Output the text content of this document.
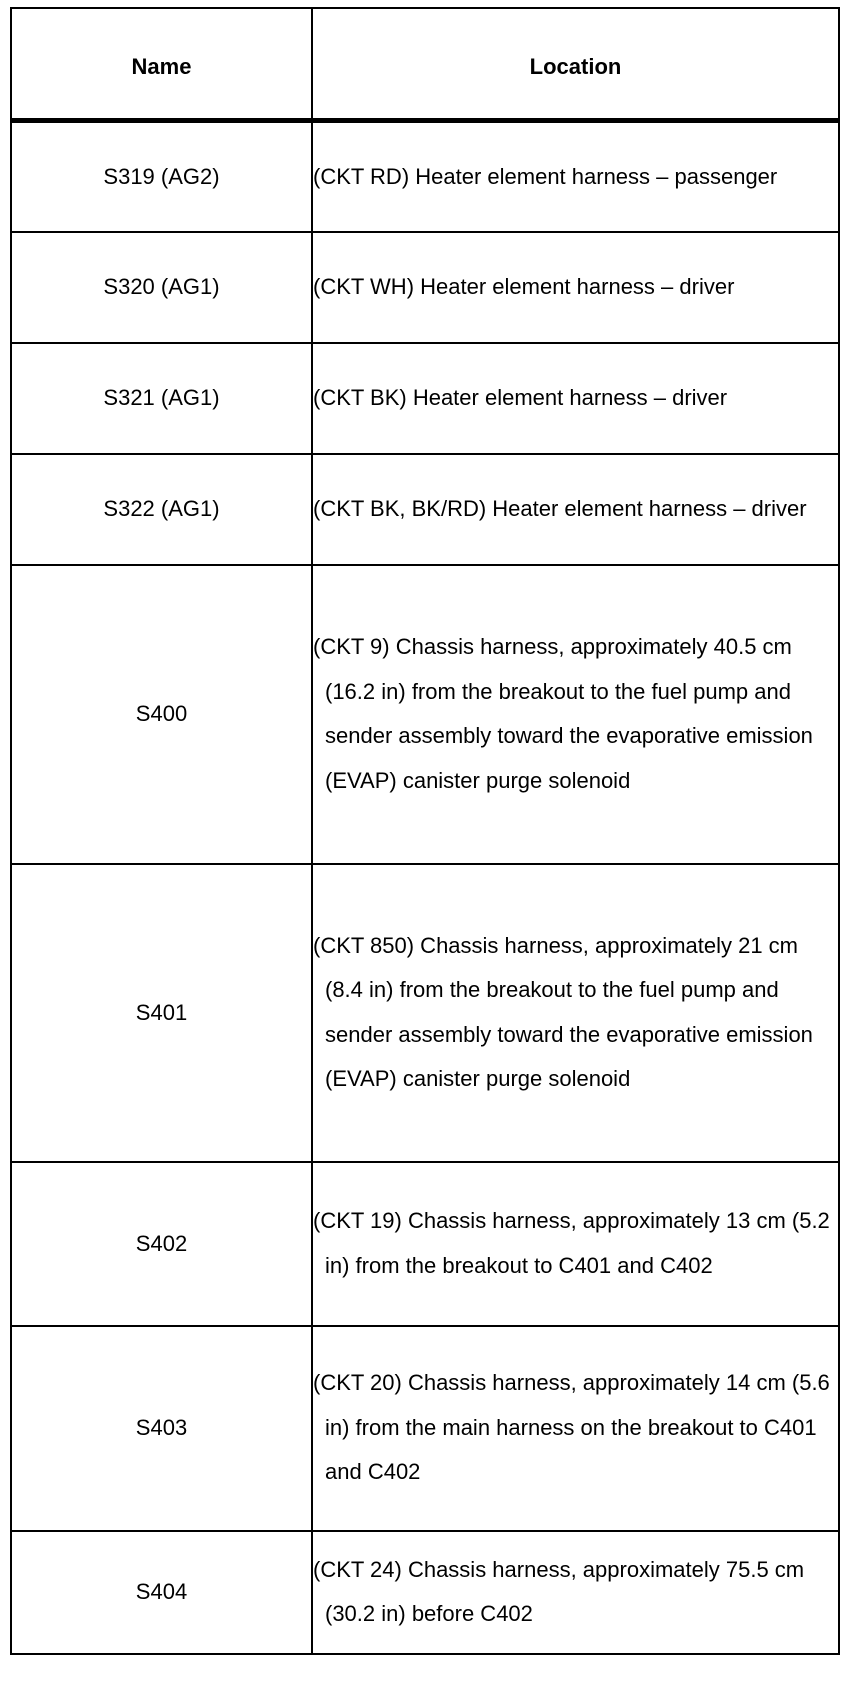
Name	Location
S319 (AG2)	(CKT RD) Heater element harness – passenger

S320 (AG1)	(CKT WH) Heater element harness – driver

S321 (AG1)	(CKT BK) Heater element harness – driver

S322 (AG1)	(CKT BK, BK/RD) Heater element harness – driver

S400	(CKT 9) Chassis harness, approximately 40.5 cm (16.2 in) from the breakout to the fuel pump and sender assembly toward the evaporative emission (EVAP) canister purge solenoid

S401	(CKT 850) Chassis harness, approximately 21 cm (8.4 in) from the breakout to the fuel pump and sender assembly toward the evaporative emission (EVAP) canister purge solenoid

S402	(CKT 19) Chassis harness, approximately 13 cm (5.2 in) from the breakout to C401 and C402

S403	(CKT 20) Chassis harness, approximately 14 cm (5.6 in) from the main harness on the breakout to C401 and C402

S404	(CKT 24) Chassis harness, approximately 75.5 cm (30.2 in) before C402
